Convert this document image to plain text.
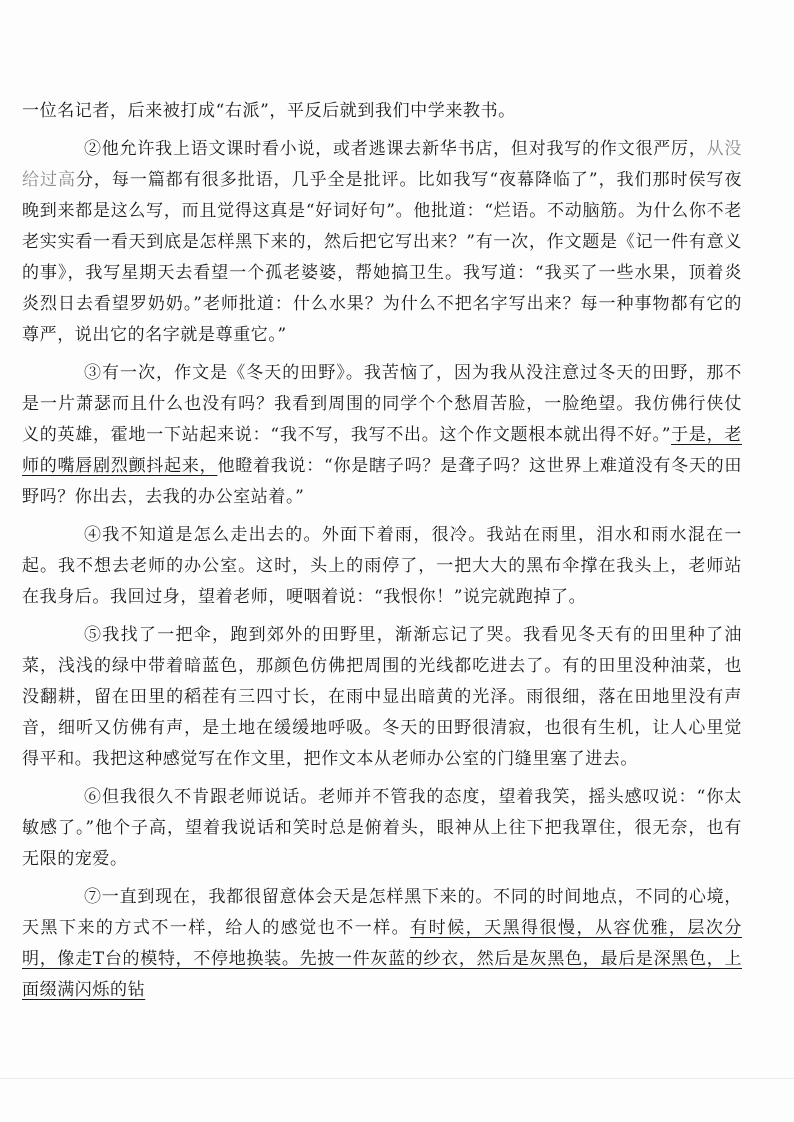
一位名记者，后来被打成“右派”，平反后就到我们中学来教书。

②他允许我上语文课时看小说，或者逃课去新华书店，但对我写的作文很严厉，从没给过高分，每一篇都有很多批语，几乎全是批评。比如我写“夜幕降临了”，我们那时侯写夜晚到来都是这么写，而且觉得这真是“好词好句”。他批道：“烂语。不动脑筋。为什么你不老老实实看一看天到底是怎样黑下来的，然后把它写出来？”有一次，作文题是《记一件有意义的事》，我写星期天去看望一个孤老婆婆，帮她搞卫生。我写道：“我买了一些水果，顶着炎炎烈日去看望罗奶奶。”老师批道：什么水果？为什么不把名字写出来？每一种事物都有它的尊严，说出它的名字就是尊重它。”

③有一次，作文是《冬天的田野》。我苦恼了，因为我从没注意过冬天的田野，那不是一片萧瑟而且什么也没有吗？我看到周围的同学个个愁眉苦脸，一脸绝望。我仿佛行侠仗义的英雄，霍地一下站起来说：“我不写，我写不出。这个作文题根本就出得不好。”于是，老师的嘴唇剧烈颤抖起来，他瞪着我说：“你是瞎子吗？是聋子吗？这世界上难道没有冬天的田野吗？你出去，去我的办公室站着。”

④我不知道是怎么走出去的。外面下着雨，很冷。我站在雨里，泪水和雨水混在一起。我不想去老师的办公室。这时，头上的雨停了，一把大大的黑布伞撑在我头上，老师站在我身后。我回过身，望着老师，哽咽着说：“我恨你！”说完就跑掉了。

⑤我找了一把伞，跑到郊外的田野里，渐渐忘记了哭。我看见冬天有的田里种了油菜，浅浅的绿中带着暗蓝色，那颜色仿佛把周围的光线都吃进去了。有的田里没种油菜，也没翻耕，留在田里的稻茬有三四寸长，在雨中显出暗黄的光泽。雨很细，落在田地里没有声音，细听又仿佛有声，是土地在缓缓地呼吸。冬天的田野很清寂，也很有生机，让人心里觉得平和。我把这种感觉写在作文里，把作文本从老师办公室的门缝里塞了进去。

⑥但我很久不肯跟老师说话。老师并不管我的态度，望着我笑，摇头感叹说：“你太敏感了。”他个子高，望着我说话和笑时总是俯着头，眼神从上往下把我罩住，很无奈，也有无限的宠爱。

⑦一直到现在，我都很留意体会天是怎样黑下来的。不同的时间地点，不同的心境，天黑下来的方式不一样，给人的感觉也不一样。有时候，天黑得很慢，从容优雅，层次分明，像走T台的模特，不停地换装。先披一件灰蓝的纱衣，然后是灰黑色，最后是深黑色，上面缀满闪烁的钻
